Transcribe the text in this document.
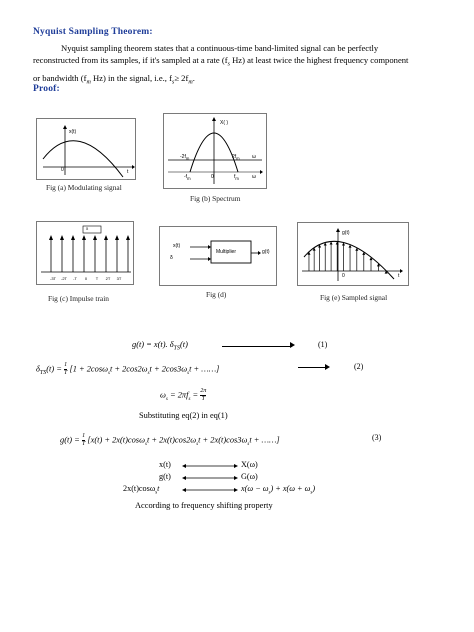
Nyquist Sampling Theorem:
Nyquist sampling theorem states that a continuous-time band-limited signal can be perfectly
reconstructed from its samples, if it's sampled at a rate ($f_s$ Hz) at least twice the highest frequency component
or bandwidth ($f_m$ Hz) in the signal, i.e., $f_s\ge 2f_m$.
Proof:
x(t)
0	t
Fig (a) Modulating signal
X( )
$-2f_m$	$2f_m$ ω
$-f_m$	0	$f_m$	ω
Fig (b) Spectrum
-3T -2T -T 0 T 2T 3T
δ
Fig (c) Impulse train
x(t)
δ
Multiplier	g(t)
Fig (d)
g(t)
0	t
Fig (e) Sampled signal
g(t) = x(t). $\delta_{TS}(t)$	(1)
$\delta_{TS}(t) = \frac{1}{T} [1 + 2\cos\omega_st + 2\cos 2\omega_st + 2\cos 3\omega_st$ + ……]	(2)
$\omega_s = 2\pi f_s = \frac{2\pi}{T}$
Substituting eq(2) in eq(1)
$g(t) = \frac{1}{T} [x(t) + 2x(t)\cos\omega_st + 2x(t)\cos 2\omega_st + 2x(t)\cos 3\omega_st$ + ……]	(3)
x(t)	X(ω)
g(t)	G(ω)
2x(t)cosω$_s$t	$x(\omega - \omega_s) + x(\omega + \omega_s)$
According to frequency shifting property
